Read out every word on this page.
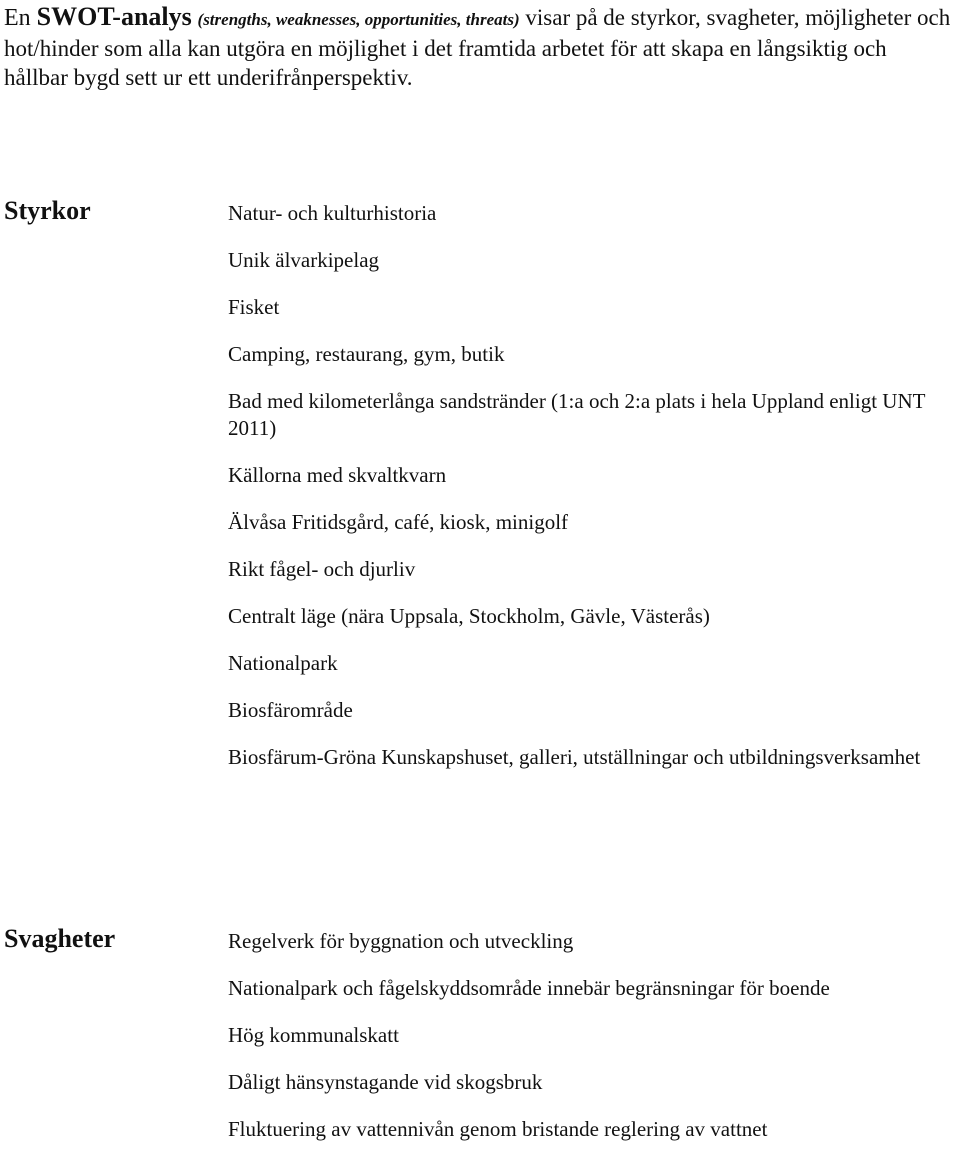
En SWOT-analys (strengths, weaknesses, opportunities, threats) visar på de styrkor, svagheter, möjligheter och hot/hinder som alla kan utgöra en möjlighet i det framtida arbetet för att skapa en långsiktig och hållbar bygd sett ur ett underifrånperspektiv.

Styrkor	Natur- och kulturhistoria
Unik älvarkipelag
Fisket
Camping, restaurang, gym, butik
Bad med kilometerlånga sandstränder (1:a och 2:a plats i hela Uppland enligt UNT 2011)
Källorna med skvaltkvarn
Älvåsa Fritidsgård, café, kiosk, minigolf
Rikt fågel- och djurliv
Centralt läge (nära Uppsala, Stockholm, Gävle, Västerås)
Nationalpark
Biosfärområde
Biosfärum-Gröna Kunskapshuset, galleri, utställningar och utbildningsverksamhet
Svagheter	Regelverk för byggnation och utveckling
Nationalpark och fågelskyddsområde innebär begränsningar för boende
Hög kommunalskatt
Dåligt hänsynstagande vid skogsbruk
Fluktuering av vattennivån genom bristande reglering av vattnet
